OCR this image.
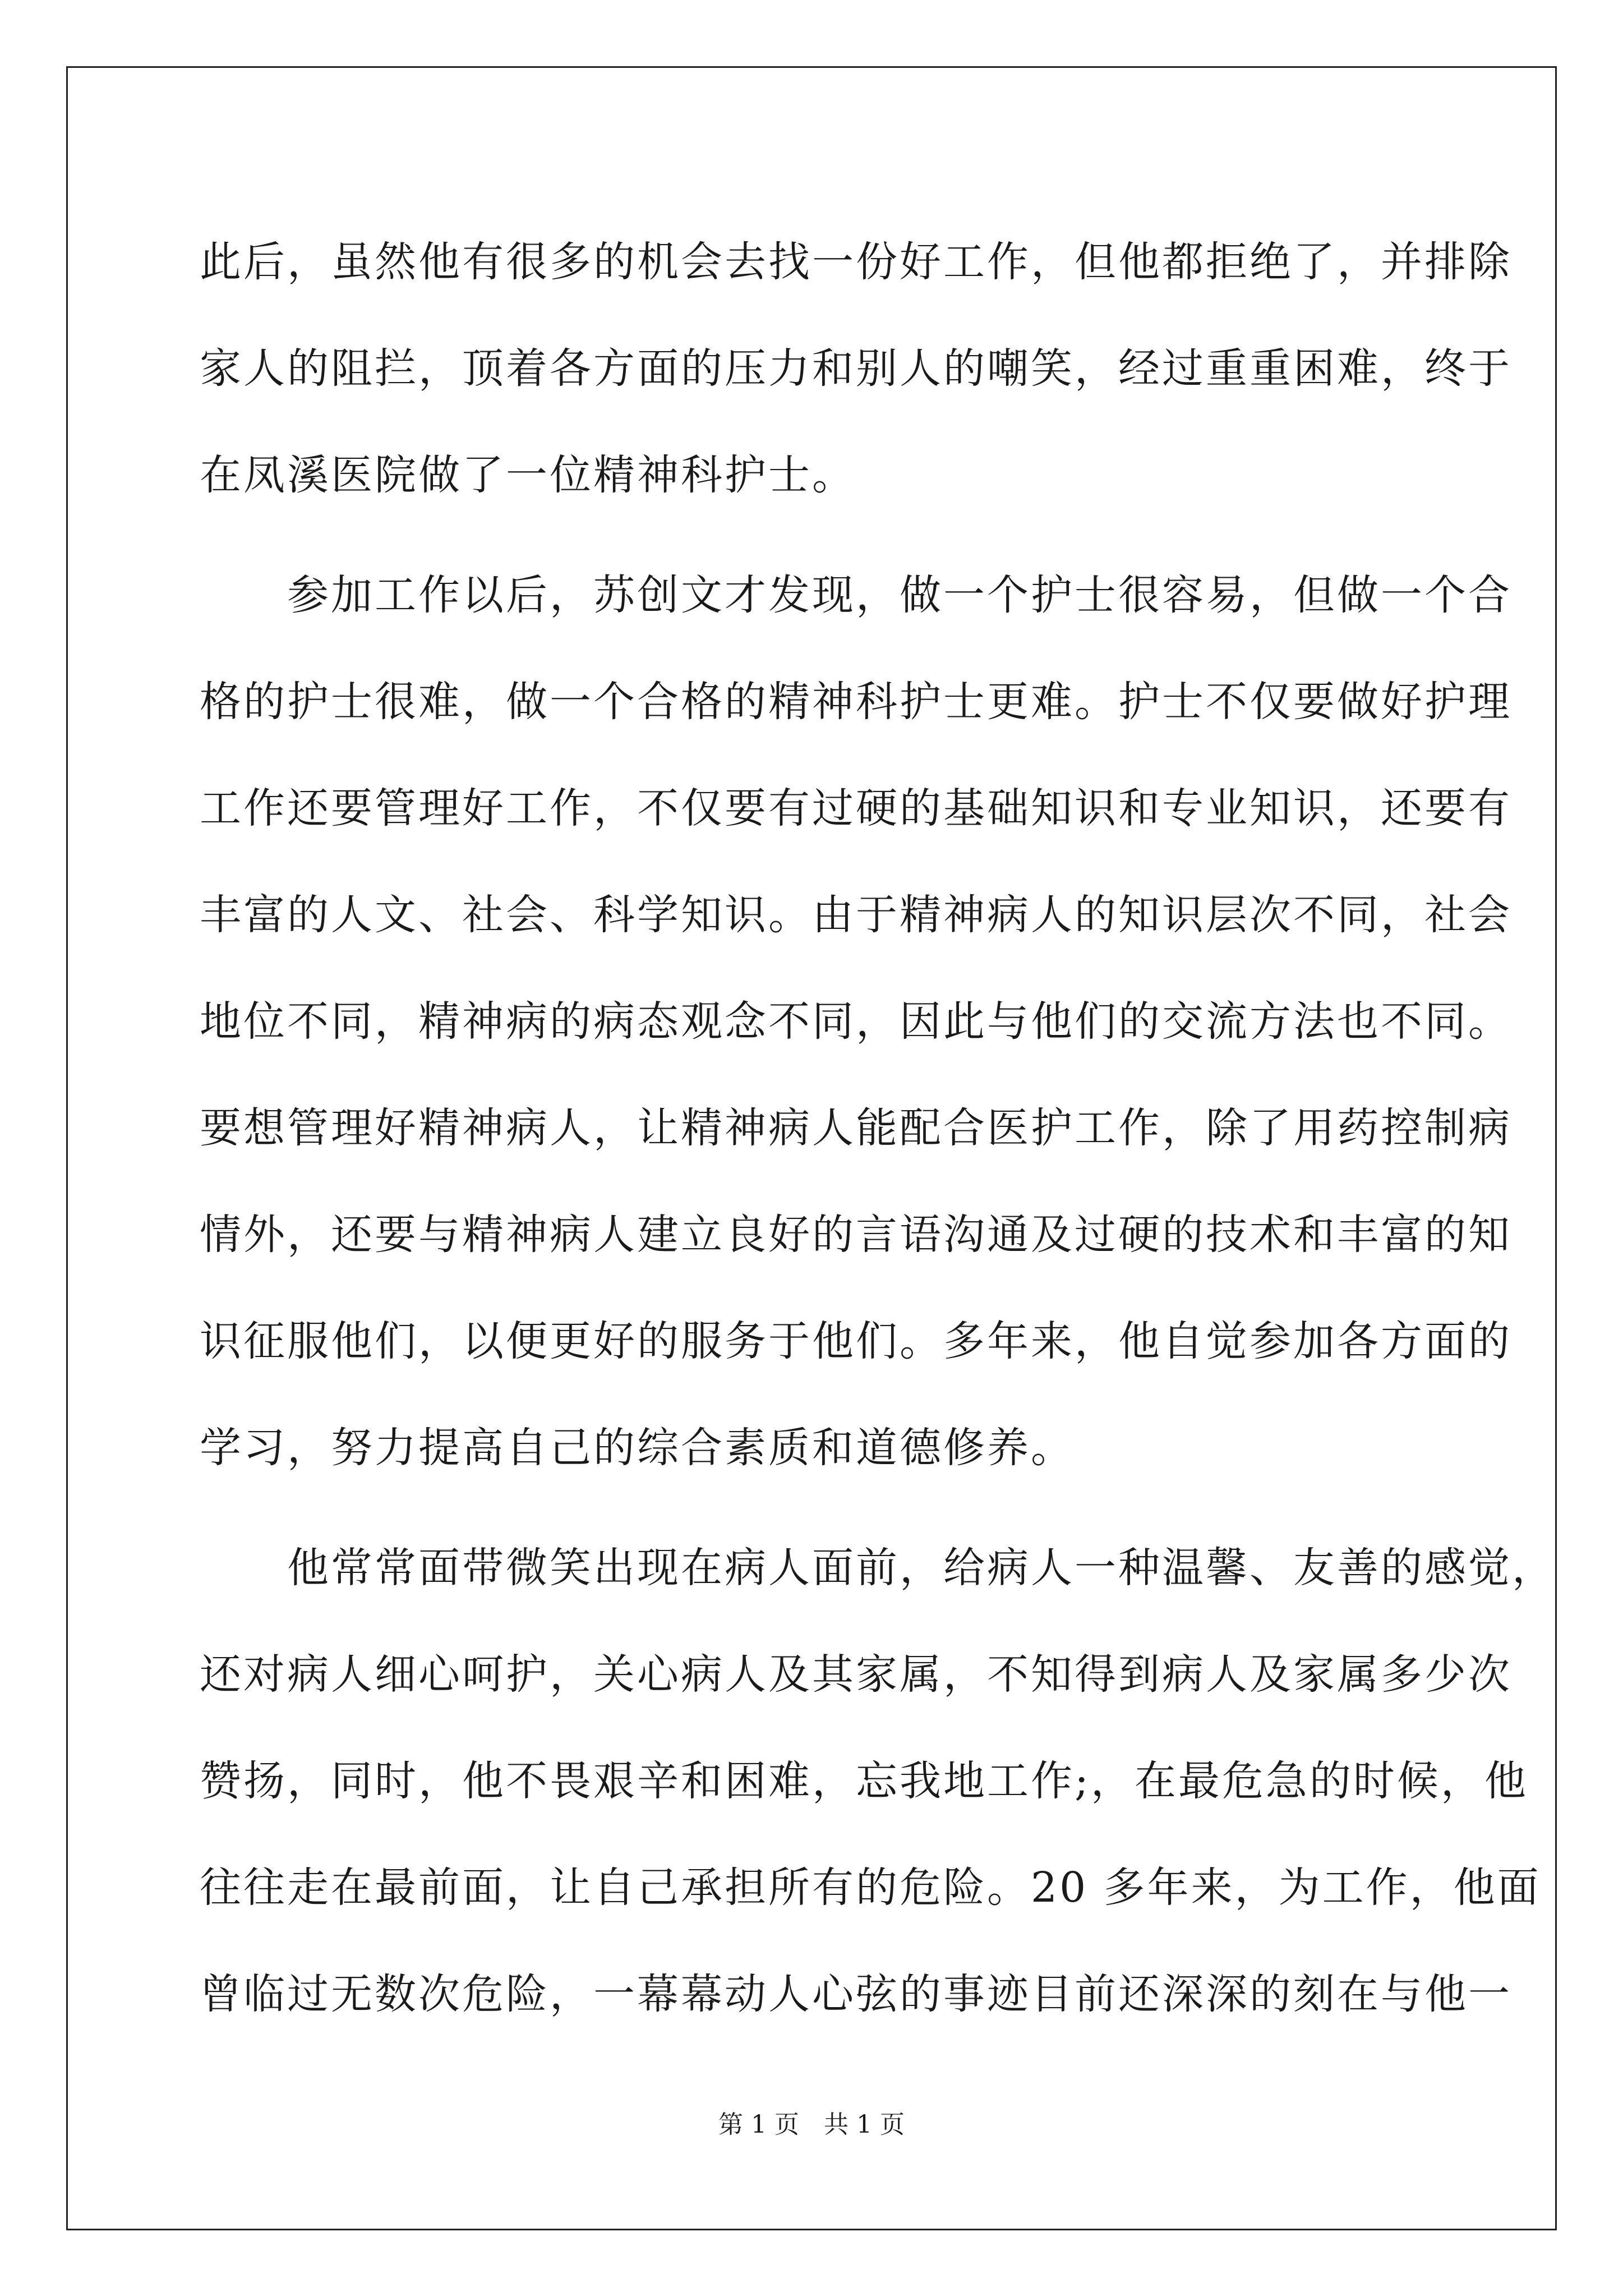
此后，虽然他有很多的机会去找一份好工作，但他都拒绝了，并排除
家人的阻拦，顶着各方面的压力和别人的嘲笑，经过重重困难，终于
在凤溪医院做了一位精神科护士。
　　参加工作以后，苏创文才发现，做一个护士很容易，但做一个合
格的护士很难，做一个合格的精神科护士更难。护士不仅要做好护理
工作还要管理好工作，不仅要有过硬的基础知识和专业知识，还要有
丰富的人文、社会、科学知识。由于精神病人的知识层次不同，社会
地位不同，精神病的病态观念不同，因此与他们的交流方法也不同。
要想管理好精神病人，让精神病人能配合医护工作，除了用药控制病
情外，还要与精神病人建立良好的言语沟通及过硬的技术和丰富的知
识征服他们，以便更好的服务于他们。多年来，他自觉参加各方面的
学习，努力提高自己的综合素质和道德修养。
　　他常常面带微笑出现在病人面前，给病人一种温馨、友善的感觉，
还对病人细心呵护，关心病人及其家属，不知得到病人及家属多少次
赞扬，同时，他不畏艰辛和困难，忘我地工作;，在最危急的时候，他
往往走在最前面，让自己承担所有的危险。20 多年来，为工作，他面
曾临过无数次危险，一幕幕动人心弦的事迹目前还深深的刻在与他一
第 1 页 共 1 页
